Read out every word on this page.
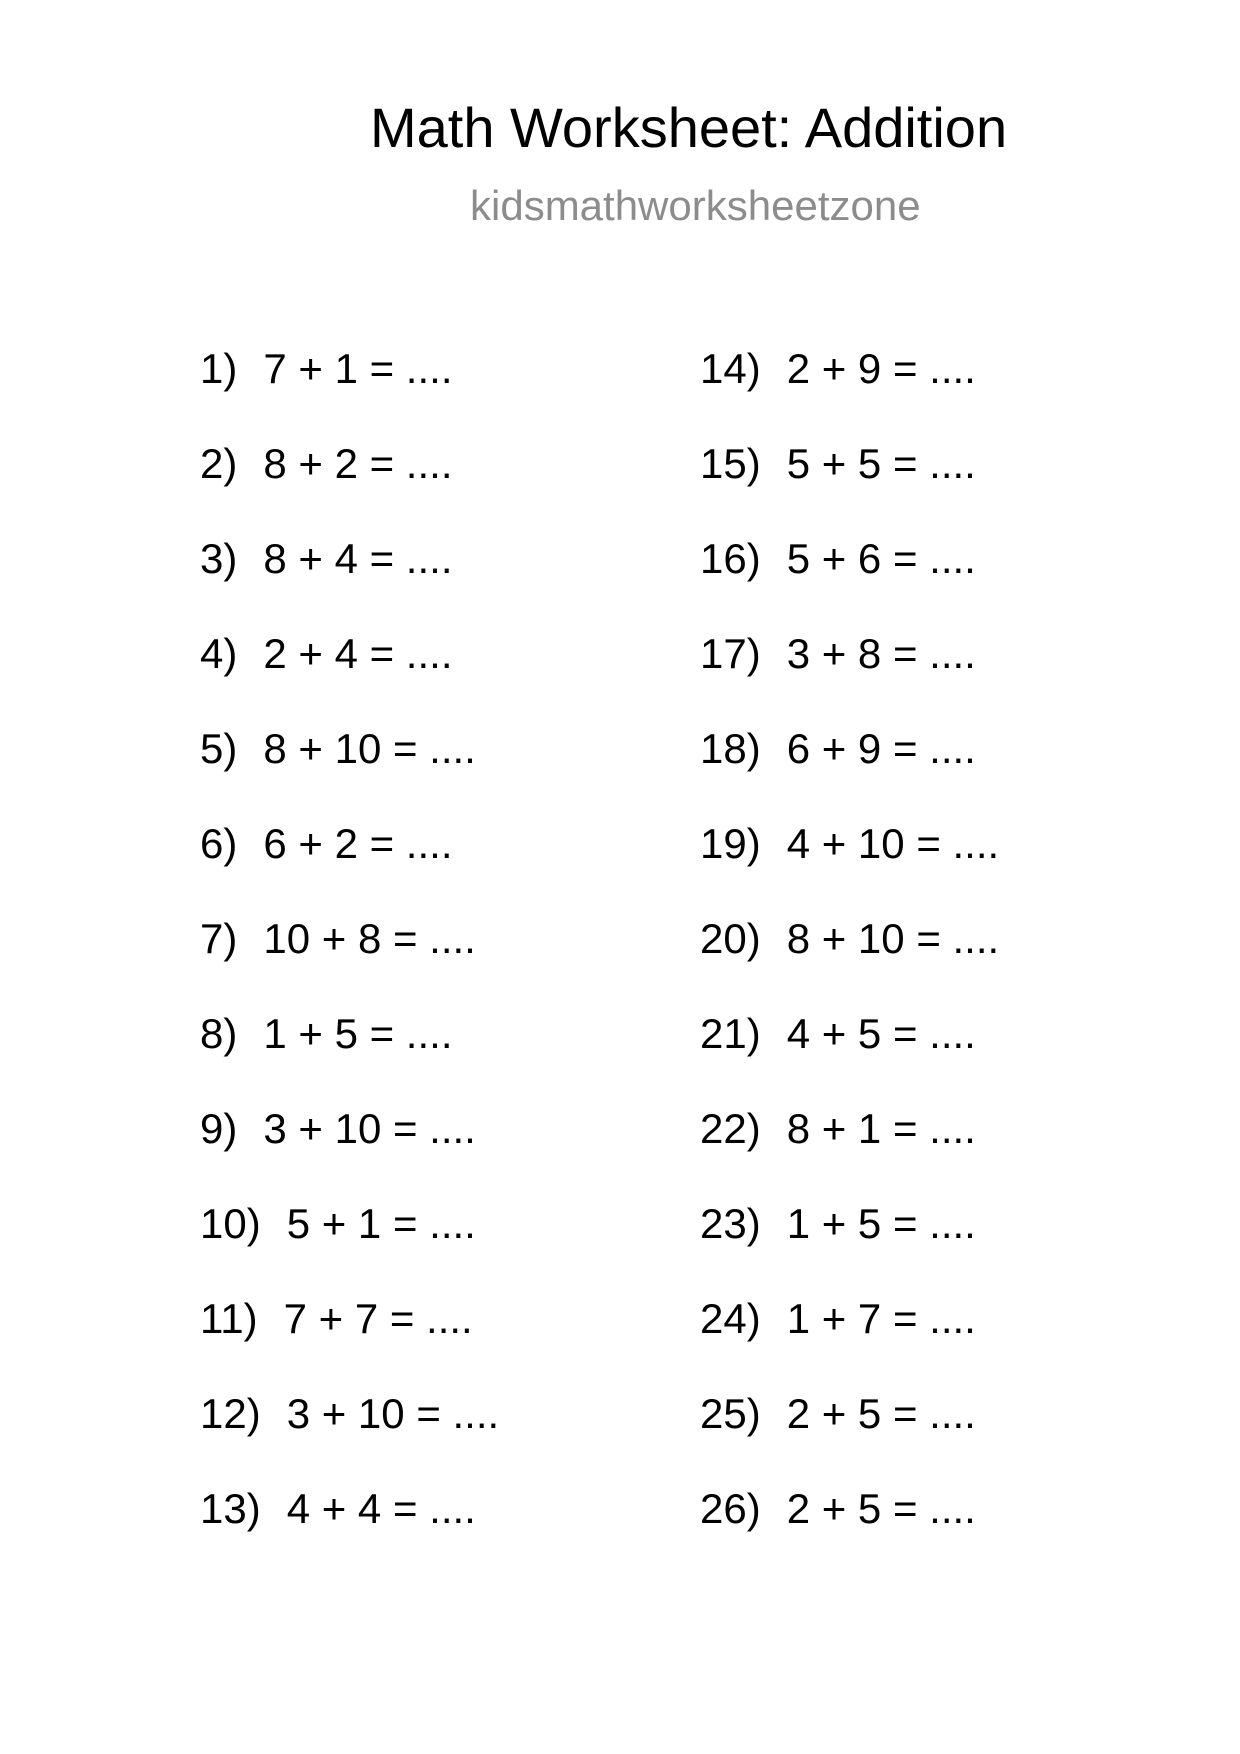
Math Worksheet: Addition
kidsmathworksheetzone
1) 7 + 1 = ....
2) 8 + 2 = ....
3) 8 + 4 = ....
4) 2 + 4 = ....
5) 8 + 10 = ....
6) 6 + 2 = ....
7) 10 + 8 = ....
8) 1 + 5 = ....
9) 3 + 10 = ....
10) 5 + 1 = ....
11) 7 + 7 = ....
12) 3 + 10 = ....
13) 4 + 4 = ....
14) 2 + 9 = ....
15) 5 + 5 = ....
16) 5 + 6 = ....
17) 3 + 8 = ....
18) 6 + 9 = ....
19) 4 + 10 = ....
20) 8 + 10 = ....
21) 4 + 5 = ....
22) 8 + 1 = ....
23) 1 + 5 = ....
24) 1 + 7 = ....
25) 2 + 5 = ....
26) 2 + 5 = ....
